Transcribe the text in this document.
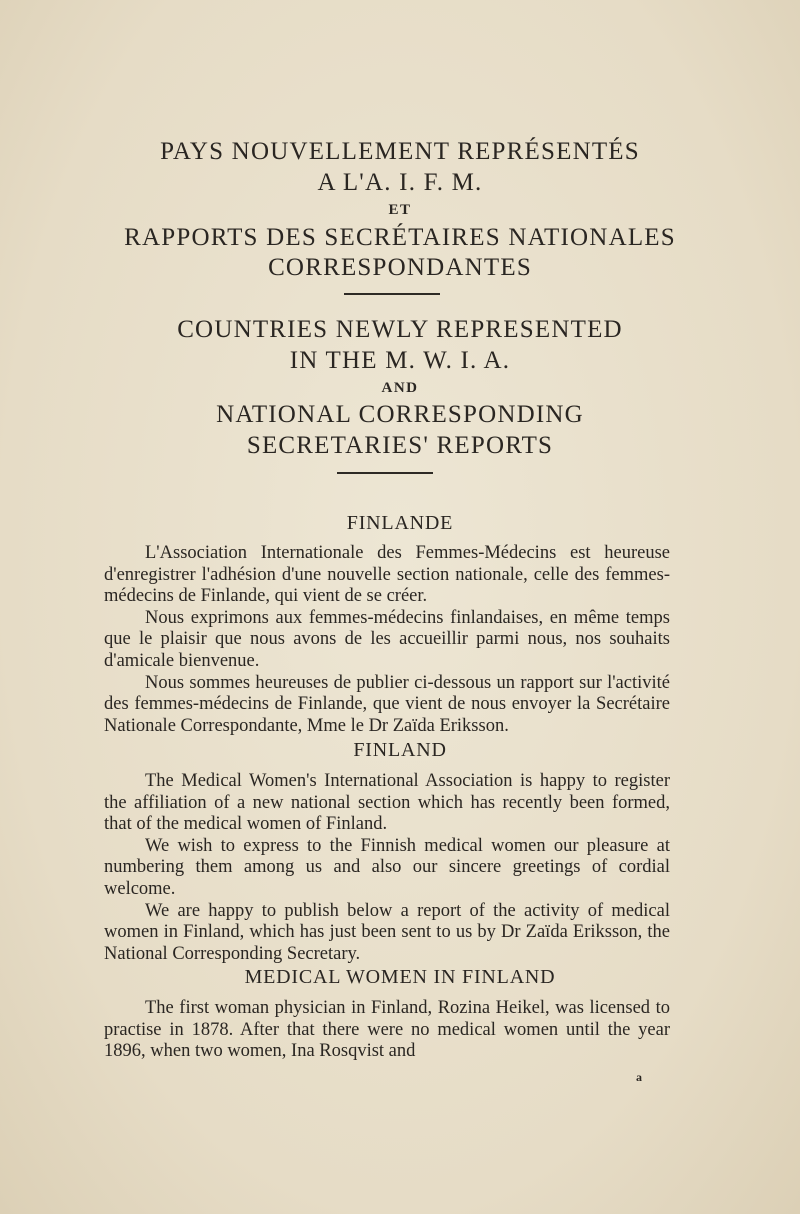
PAYS NOUVELLEMENT REPRÉSENTÉS
A L'A. I. F. M.
ET
RAPPORTS DES SECRÉTAIRES NATIONALES
CORRESPONDANTES
COUNTRIES NEWLY REPRESENTED
IN THE M. W. I. A.
AND
NATIONAL CORRESPONDING
SECRETARIES' REPORTS
FINLANDE

L'Association Internationale des Femmes-Médecins est heureuse d'enregistrer l'adhésion d'une nouvelle section nationale, celle des femmes-médecins de Finlande, qui vient de se créer.

Nous exprimons aux femmes-médecins finlandaises, en même temps que le plaisir que nous avons de les accueillir parmi nous, nos souhaits d'amicale bienvenue.

Nous sommes heureuses de publier ci-dessous un rapport sur l'activité des femmes-médecins de Finlande, que vient de nous envoyer la Secrétaire Nationale Correspondante, Mme le Dr Zaïda Eriksson.

FINLAND

The Medical Women's International Association is happy to register the affiliation of a new national section which has recently been formed, that of the medical women of Finland.

We wish to express to the Finnish medical women our pleasure at numbering them among us and also our sincere greetings of cordial welcome.

We are happy to publish below a report of the activity of medical women in Finland, which has just been sent to us by Dr Zaïda Eriksson, the National Corresponding Secretary.

MEDICAL WOMEN IN FINLAND

The first woman physician in Finland, Rozina Heikel, was licensed to practise in 1878. After that there were no medical women until the year 1896, when two women, Ina Rosqvist and

a
